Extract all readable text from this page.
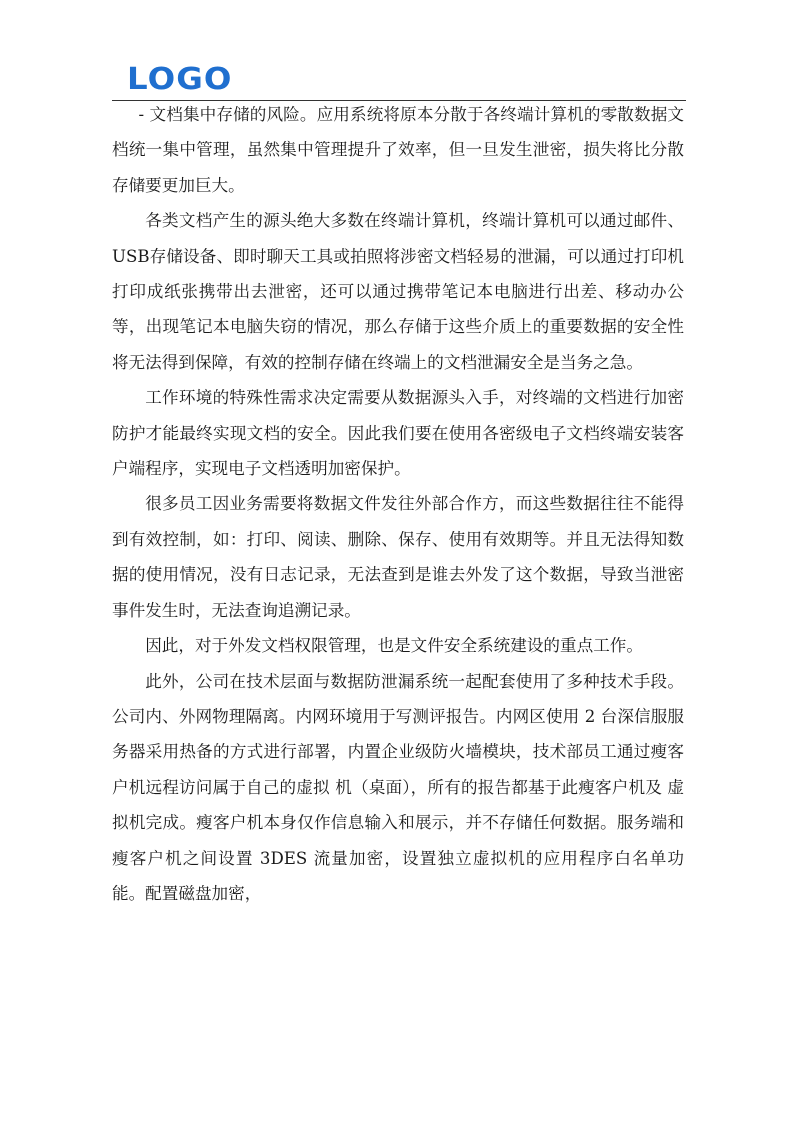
LOGO

- 文档集中存储的风险。应用系统将原本分散于各终端计算机的零散数据文档统一集中管理，虽然集中管理提升了效率，但一旦发生泄密，损失将比分散存储要更加巨大。

各类文档产生的源头绝大多数在终端计算机，终端计算机可以通过邮件、USB存储设备、即时聊天工具或拍照将涉密文档轻易的泄漏，可以通过打印机打印成纸张携带出去泄密，还可以通过携带笔记本电脑进行出差、移动办公等，出现笔记本电脑失窃的情况，那么存储于这些介质上的重要数据的安全性将无法得到保障，有效的控制存储在终端上的文档泄漏安全是当务之急。

工作环境的特殊性需求决定需要从数据源头入手，对终端的文档进行加密防护才能最终实现文档的安全。因此我们要在使用各密级电子文档终端安装客户端程序，实现电子文档透明加密保护。

很多员工因业务需要将数据文件发往外部合作方，而这些数据往往不能得到有效控制，如：打印、阅读、删除、保存、使用有效期等。并且无法得知数据的使用情况，没有日志记录，无法查到是谁去外发了这个数据，导致当泄密事件发生时，无法查询追溯记录。

因此，对于外发文档权限管理，也是文件安全系统建设的重点工作。

此外，公司在技术层面与数据防泄漏系统一起配套使用了多种技术手段。公司内、外网物理隔离。内网环境用于写测评报告。内网区使用 2 台深信服服务器采用热备的方式进行部署，内置企业级防火墙模块，技术部员工通过瘦客户机远程访问属于自己的虚拟 机（桌面），所有的报告都基于此瘦客户机及 虚拟机完成。瘦客户机本身仅作信息输入和展示，并不存储任何数据。服务端和瘦客户机之间设置 3DES 流量加密，设置独立虚拟机的应用程序白名单功能。配置磁盘加密，
